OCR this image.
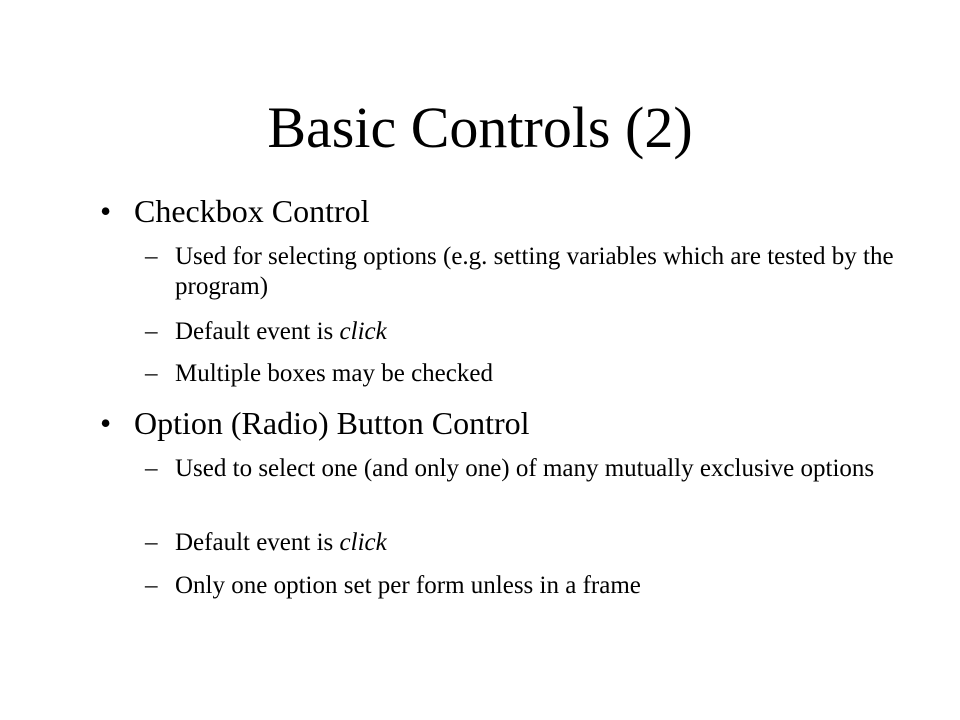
Basic Controls (2)
• Checkbox Control
– Used for selecting options (e.g. setting variables which are tested by the program)
– Default event is click
– Multiple boxes may be checked
• Option (Radio) Button Control
– Used to select one (and only one) of many mutually exclusive options
– Default event is click
– Only one option set per form unless in a frame
